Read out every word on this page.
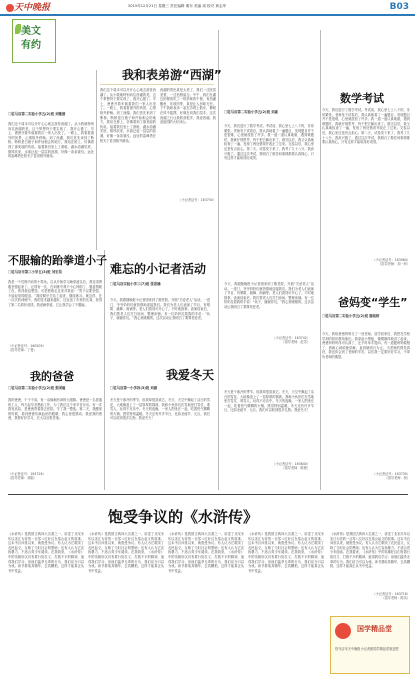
天中晚报	2015年12月21日 星期三 责任编辑 秦东 美编 周 校对 黄志军	B03
美文
有约
□驻马店第二实验小学五(2)班 刘雅倩
我们这个周末可以开开心心地去游览西湖了。从小我就特别向往西湖的美，这个梦想终于要实现了，我开心极了。早上，爸爸开着车载着我们一家人出发了。一路上，我看着窗外的风景，心情格外舒畅。到了西湖，我们首先来到了断桥。断桥是白娘子和许仙相会的地方，我站在桥上，仿佛看到了那美丽的传说。接着我们坐上了游船，湖水清澈见底，微风吹来，水面泛起一层层的涟漪，好像一条条皱纹。远处的雷峰塔在阳光下显得格外雄伟。
我和表弟游“西湖”
我们这个周末可以开开心心地去游览西湖了。从小我就特别向往西湖的美，这个梦想终于要实现了，我开心极了。早上，爸爸开着车载着我们一家人出发了。一路上，我看着窗外的风景，心情格外舒畅。到了西湖，我们首先来到了断桥。断桥是白娘子和许仙相会的地方，我站在桥上，仿佛看到了那美丽的传说。接着我们坐上了游船，湖水清澈见底，微风吹来，水面泛起一层层的涟漪，好像一条条皱纹。远处的雷峰塔在阳光下显得格外雄伟。
西湖的景色真是太美了，我们一边欣赏美景，一边拍照留念。中午，我们在湖边的餐馆吃了一顿美味的午餐，有西湖醋鱼、东坡肉等，真是让人回味无穷。下午我和表弟一起在苏堤上散步，柳树在风中摇摆，好像在向我们招手。这次西湖之行让我收获很多，我爱西湖，我爱祖国的大好河山。
（小记者证号：163750）
数学考试
□驻马店第二实验小学五(2)班 刘惠
今天，我们进行了数学考试。考试前，我心里七上八下的，非常紧张。老师发下试卷后，我认真地看了一遍题目，发现题目并不是很难，心里就放松了许多。我一道一道认真地做，遇到难题时，我就仔细思考，终于把它解出来了。做完以后，我又认真地检查了一遍，发现了两处错误并改正了过来。交卷以后，我心里还是有点担心。第二天，试卷发下来了，我考了九十八分，我高兴极了。通过这次考试，我明白了做任何事情都要认真细心，只有这样才能取得好成绩。
今天，我们进行了数学考试。考试前，我心里七上八下的，非常紧张。老师发下试卷后，我认真地看了一遍题目，发现题目并不是很难，心里就放松了许多。我一道一道认真地做，遇到难题时，我就仔细思考，终于把它解出来了。做完以后，我又认真地检查了一遍，发现了两处错误并改正了过来。交卷以后，我心里还是有点担心。第二天，试卷发下来了，我考了九十八分，我高兴极了。通过这次考试，我明白了做任何事情都要认真细心，只有这样才能取得好成绩。
（小记者证号：163564）
（指导老师：刘一菲）
不服输的跆拳道小子
□驻马店市第三小学五(3)班 刘宏昊
我是一个性格内向的小男孩。自从开始学习跆拳道以后，我变得勇敢坚强起来了。记得有一次，在训练中我不小心摔倒了，膝盖擦破了皮，疼得我直想哭。可是教练走过来对我说：“男子汉要坚强，不能轻易掉眼泪。”我咬紧牙关站了起来，继续练习。就这样，在一次次的训练中，我的技术越来越好，还参加了市里的比赛，获得了第二名的好成绩。我爱跆拳道，它让我学会了不服输。
（小记者证号：160209）
（指导老师：丁曼）
难忘的小记者活动
□驻马店实验小学三(7)班 张思楠
今天，我跟随晚报小记者团来到了敬老院，开展“关爱老人”活动。一进门，爷爷奶奶们就热情地迎接我们。我们为老人们表演了节目，有唱歌、跳舞、朗诵等。老人们看得可开心了，不时地鼓掌。表演结束后，我们帮老人们打扫房间、整理床铺。有一位奶奶拉着我的手说：“孩子，谢谢你们。”我心里暖暖的。这次活动让我明白了要尊老爱老。
今天，我跟随晚报小记者团来到了敬老院，开展“关爱老人”活动。一进门，爷爷奶奶们就热情地迎接我们。我们为老人们表演了节目，有唱歌、跳舞、朗诵等。老人们看得可开心了，不时地鼓掌。表演结束后，我们帮老人们打扫房间、整理床铺。有一位奶奶拉着我的手说：“孩子，谢谢你们。”我心里暖暖的。这次活动让我明白了要尊老爱老。
（小记者证号：163742）
（指导老师：赵雪）
爸妈变“学生”
□驻马店第二实验小学五(2)班 谢疏婷
今天，我给爸爸妈妈当了一回老师。放学回家后，我把在学校学到的知识教给他们。我拿起小黑板，像模像样地讲了起来。爸爸妈妈听得可认真了，还不时举手提问。有一道题妈妈做错了，我耐心地给她讲解，直到她明白为止。当老师的感觉真好，我也体会到了老师的辛苦，以后我一定要好好学习，不辜负老师的期望。
（小记者证号：163735）
（指导老师：杨）
我的爸爸
□驻马店第二实验小学五(2)班 张国瑞
我的爸爸，个子不高，有一双炯炯有神的大眼睛。爸爸是一名普通的工人，每天起早贪黑地工作，为了我们这个家辛苦付出。有一次我发高烧，是爸爸背着我去医院，守了我一整夜。第二天，我醒来的时候，看到爸爸布满血丝的眼睛，我心里很感动。我爱我的爸爸，我要好好学习，长大以后报答他。
（小记者证号：163726）
（指导老师：刘娟）
我爱冬天
□驻马店第一小学四(3)班 刘源
冬天是个寒冷的季节，但我却很喜欢它。冬天，天空中飘起了洁白的雪花，大地像盖上了一层厚厚的棉被。我和小伙伴们在雪地里打雪仗、堆雪人，玩得不亦乐乎。冬天的夜晚，一家人围坐在一起，吃着热气腾腾的火锅，感觉特别温暖。冬天还有许多节日，比如圣诞节、元旦，我们可以收到很多礼物。我爱冬天！
冬天是个寒冷的季节，但我却很喜欢它。冬天，天空中飘起了洁白的雪花，大地像盖上了一层厚厚的棉被。我和小伙伴们在雪地里打雪仗、堆雪人，玩得不亦乐乎。冬天的夜晚，一家人围坐在一起，吃着热气腾腾的火锅，感觉特别温暖。冬天还有许多节日，比如圣诞节、元旦，我们可以收到很多礼物。我爱冬天！
（小记者证号：163640）
（指导老师：陈俊）
饱受争议的《水浒传》
《水浒传》是我国古典四大名著之一，讲述了北宋末年以宋江为首的一百零八位好汉在梁山起义的故事。这本书自问世以来，就饱受争议。有人认为它歌颂了农民起义，反映了当时社会的黑暗；也有人认为它宣扬暴力，不适合青少年阅读。在我看来，《水浒传》中的英雄好汉们有着行侠仗义、打抱不平的精神，值得我们学习；但他们滥杀无辜的行为，我们应当引以为戒。读书要取其精华，去其糟粕，这样才能真正从书中受益。
《水浒传》是我国古典四大名著之一，讲述了北宋末年以宋江为首的一百零八位好汉在梁山起义的故事。这本书自问世以来，就饱受争议。有人认为它歌颂了农民起义，反映了当时社会的黑暗；也有人认为它宣扬暴力，不适合青少年阅读。在我看来，《水浒传》中的英雄好汉们有着行侠仗义、打抱不平的精神，值得我们学习；但他们滥杀无辜的行为，我们应当引以为戒。读书要取其精华，去其糟粕，这样才能真正从书中受益。
《水浒传》是我国古典四大名著之一，讲述了北宋末年以宋江为首的一百零八位好汉在梁山起义的故事。这本书自问世以来，就饱受争议。有人认为它歌颂了农民起义，反映了当时社会的黑暗；也有人认为它宣扬暴力，不适合青少年阅读。在我看来，《水浒传》中的英雄好汉们有着行侠仗义、打抱不平的精神，值得我们学习；但他们滥杀无辜的行为，我们应当引以为戒。读书要取其精华，去其糟粕，这样才能真正从书中受益。
《水浒传》是我国古典四大名著之一，讲述了北宋末年以宋江为首的一百零八位好汉在梁山起义的故事。这本书自问世以来，就饱受争议。有人认为它歌颂了农民起义，反映了当时社会的黑暗；也有人认为它宣扬暴力，不适合青少年阅读。在我看来，《水浒传》中的英雄好汉们有着行侠仗义、打抱不平的精神，值得我们学习；但他们滥杀无辜的行为，我们应当引以为戒。读书要取其精华，去其糟粕，这样才能真正从书中受益。
《水浒传》是我国古典四大名著之一，讲述了北宋末年以宋江为首的一百零八位好汉在梁山起义的故事。这本书自问世以来，就饱受争议。有人认为它歌颂了农民起义，反映了当时社会的黑暗；也有人认为它宣扬暴力，不适合青少年阅读。在我看来，《水浒传》中的英雄好汉们有着行侠仗义、打抱不平的精神，值得我们学习；但他们滥杀无辜的行为，我们应当引以为戒。读书要取其精华，去其糟粕，这样才能真正从书中受益。
（小记者证号：163718）
（指导老师：陈英）
国学精品堂
驻马店市天中晚报小记者团国学精品堂欢迎您
